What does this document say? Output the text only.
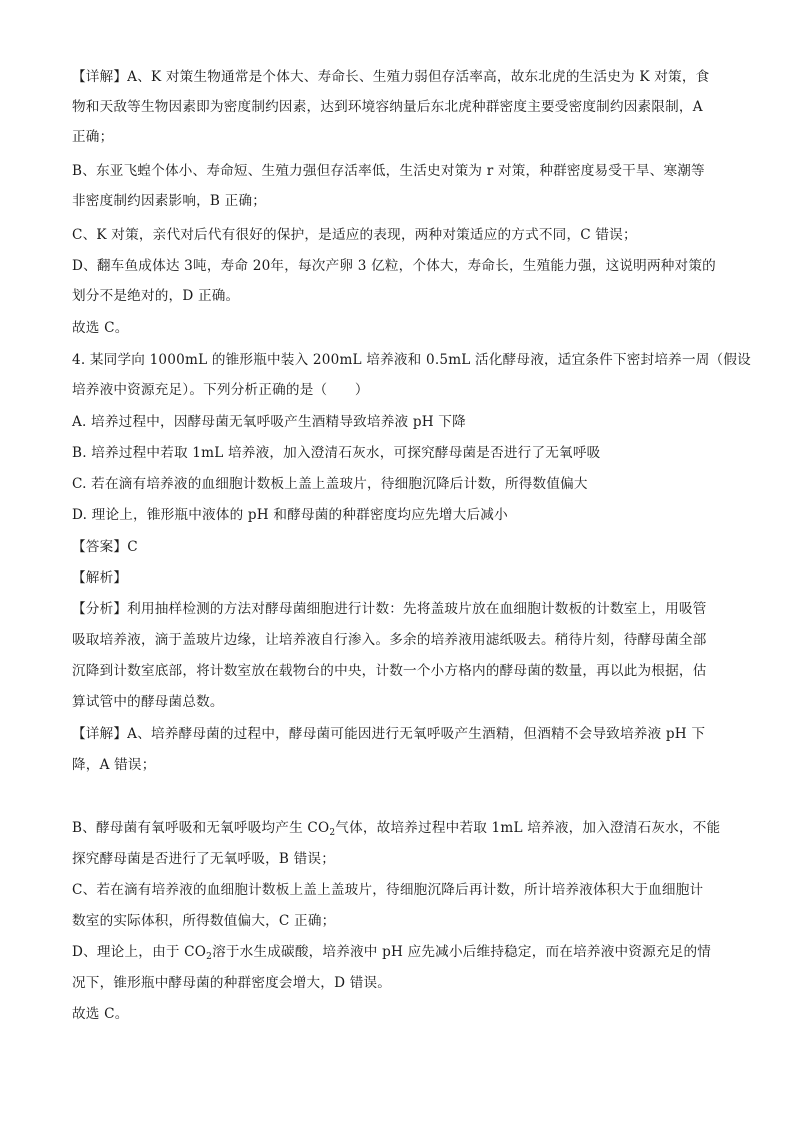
【详解】A、K 对策生物通常是个体大、寿命长、生殖力弱但存活率高，故东北虎的生活史为 K 对策，食
物和天敌等生物因素即为密度制约因素，达到环境容纳量后东北虎种群密度主要受密度制约因素限制，A
正确；
B、东亚飞蝗个体小、寿命短、生殖力强但存活率低，生活史对策为 r 对策，种群密度易受干旱、寒潮等
非密度制约因素影响，B 正确；
C、K 对策，亲代对后代有很好的保护，是适应的表现，两种对策适应的方式不同，C 错误；
D、翻车鱼成体达 3吨，寿命 20年，每次产卵 3 亿粒，个体大，寿命长，生殖能力强，这说明两种对策的
划分不是绝对的，D 正确。
故选 C。
4. 某同学向 1000mL 的锥形瓶中装入 200mL 培养液和 0.5mL 活化酵母液，适宜条件下密封培养一周（假设
培养液中资源充足）。下列分析正确的是（　　）
A. 培养过程中，因酵母菌无氧呼吸产生酒精导致培养液 pH 下降
B. 培养过程中若取 1mL 培养液，加入澄清石灰水，可探究酵母菌是否进行了无氧呼吸
C. 若在滴有培养液的血细胞计数板上盖上盖玻片，待细胞沉降后计数，所得数值偏大
D. 理论上，锥形瓶中液体的 pH 和酵母菌的种群密度均应先增大后减小
【答案】C
【解析】
【分析】利用抽样检测的方法对酵母菌细胞进行计数：先将盖玻片放在血细胞计数板的计数室上，用吸管
吸取培养液，滴于盖玻片边缘，让培养液自行渗入。多余的培养液用滤纸吸去。稍待片刻，待酵母菌全部
沉降到计数室底部，将计数室放在载物台的中央，计数一个小方格内的酵母菌的数量，再以此为根据，估
算试管中的酵母菌总数。
【详解】A、培养酵母菌的过程中，酵母菌可能因进行无氧呼吸产生酒精，但酒精不会导致培养液 pH 下
降，A 错误；
B、酵母菌有氧呼吸和无氧呼吸均产生 $CO_2$气体，故培养过程中若取 1mL 培养液，加入澄清石灰水，不能
探究酵母菌是否进行了无氧呼吸，B 错误；
C、若在滴有培养液的血细胞计数板上盖上盖玻片，待细胞沉降后再计数，所计培养液体积大于血细胞计
数室的实际体积，所得数值偏大，C 正确；
D、理论上，由于 $CO_2$溶于水生成碳酸，培养液中 pH 应先减小后维持稳定，而在培养液中资源充足的情
况下，锥形瓶中酵母菌的种群密度会增大，D 错误。
故选 C。
